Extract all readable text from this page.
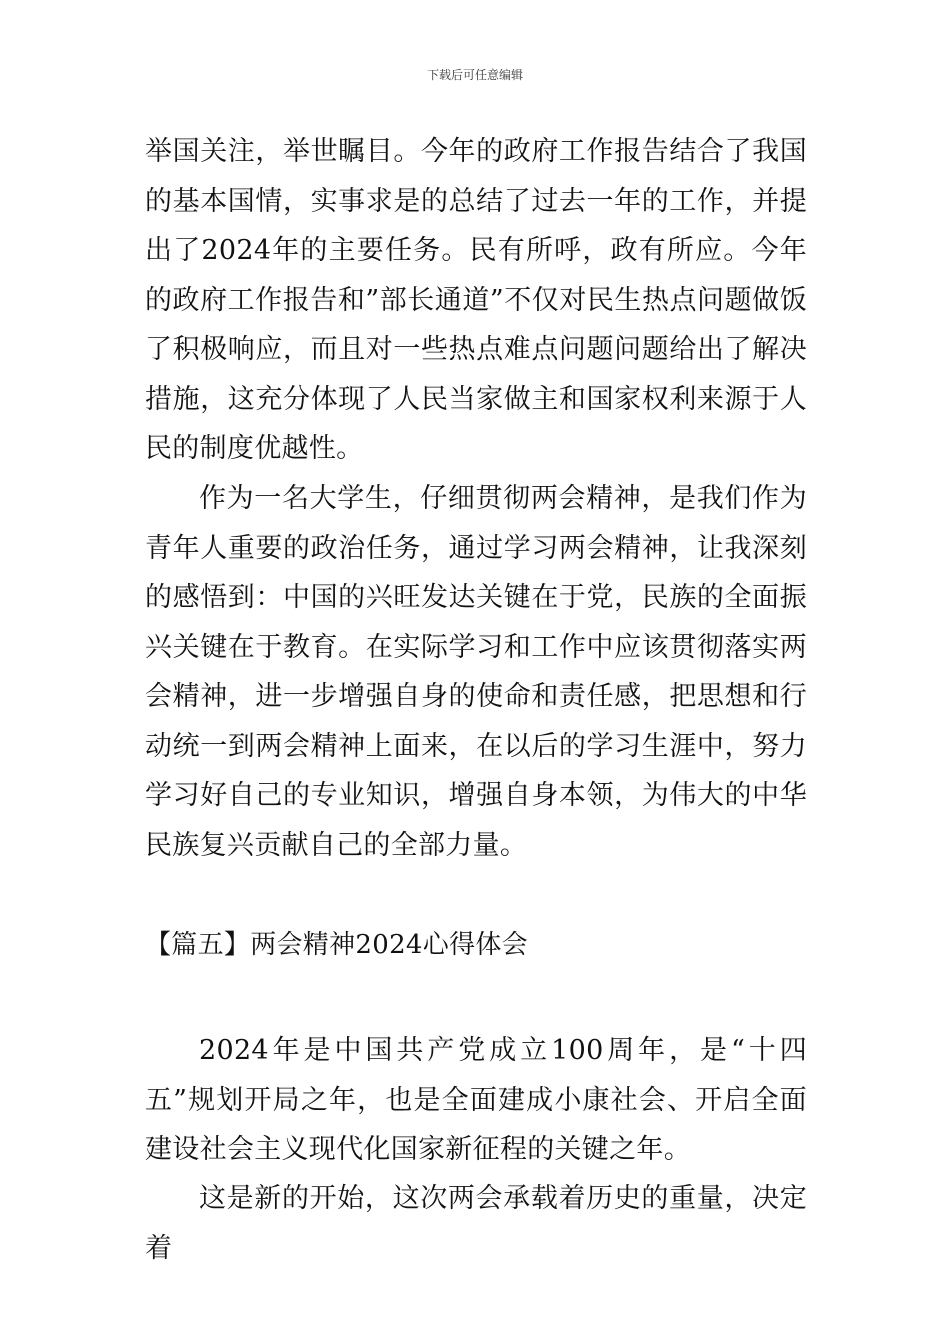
下载后可任意编辑

举国关注，举世瞩目。今年的政府工作报告结合了我国的基本国情，实事求是的总结了过去一年的工作，并提出了2024年的主要任务。民有所呼，政有所应。今年的政府工作报告和”部长通道”不仅对民生热点问题做饭了积极响应，而且对一些热点难点问题问题给出了解决措施，这充分体现了人民当家做主和国家权利来源于人民的制度优越性。

作为一名大学生，仔细贯彻两会精神，是我们作为青年人重要的政治任务，通过学习两会精神，让我深刻的感悟到：中国的兴旺发达关键在于党，民族的全面振兴关键在于教育。在实际学习和工作中应该贯彻落实两会精神，进一步增强自身的使命和责任感，把思想和行动统一到两会精神上面来，在以后的学习生涯中，努力学习好自己的专业知识，增强自身本领，为伟大的中华民族复兴贡献自己的全部力量。

【篇五】两会精神2024心得体会

2024年是中国共产党成立100周年，是“十四五”规划开局之年，也是全面建成小康社会、开启全面建设社会主义现代化国家新征程的关键之年。

这是新的开始，这次两会承载着历史的重量，决定着
